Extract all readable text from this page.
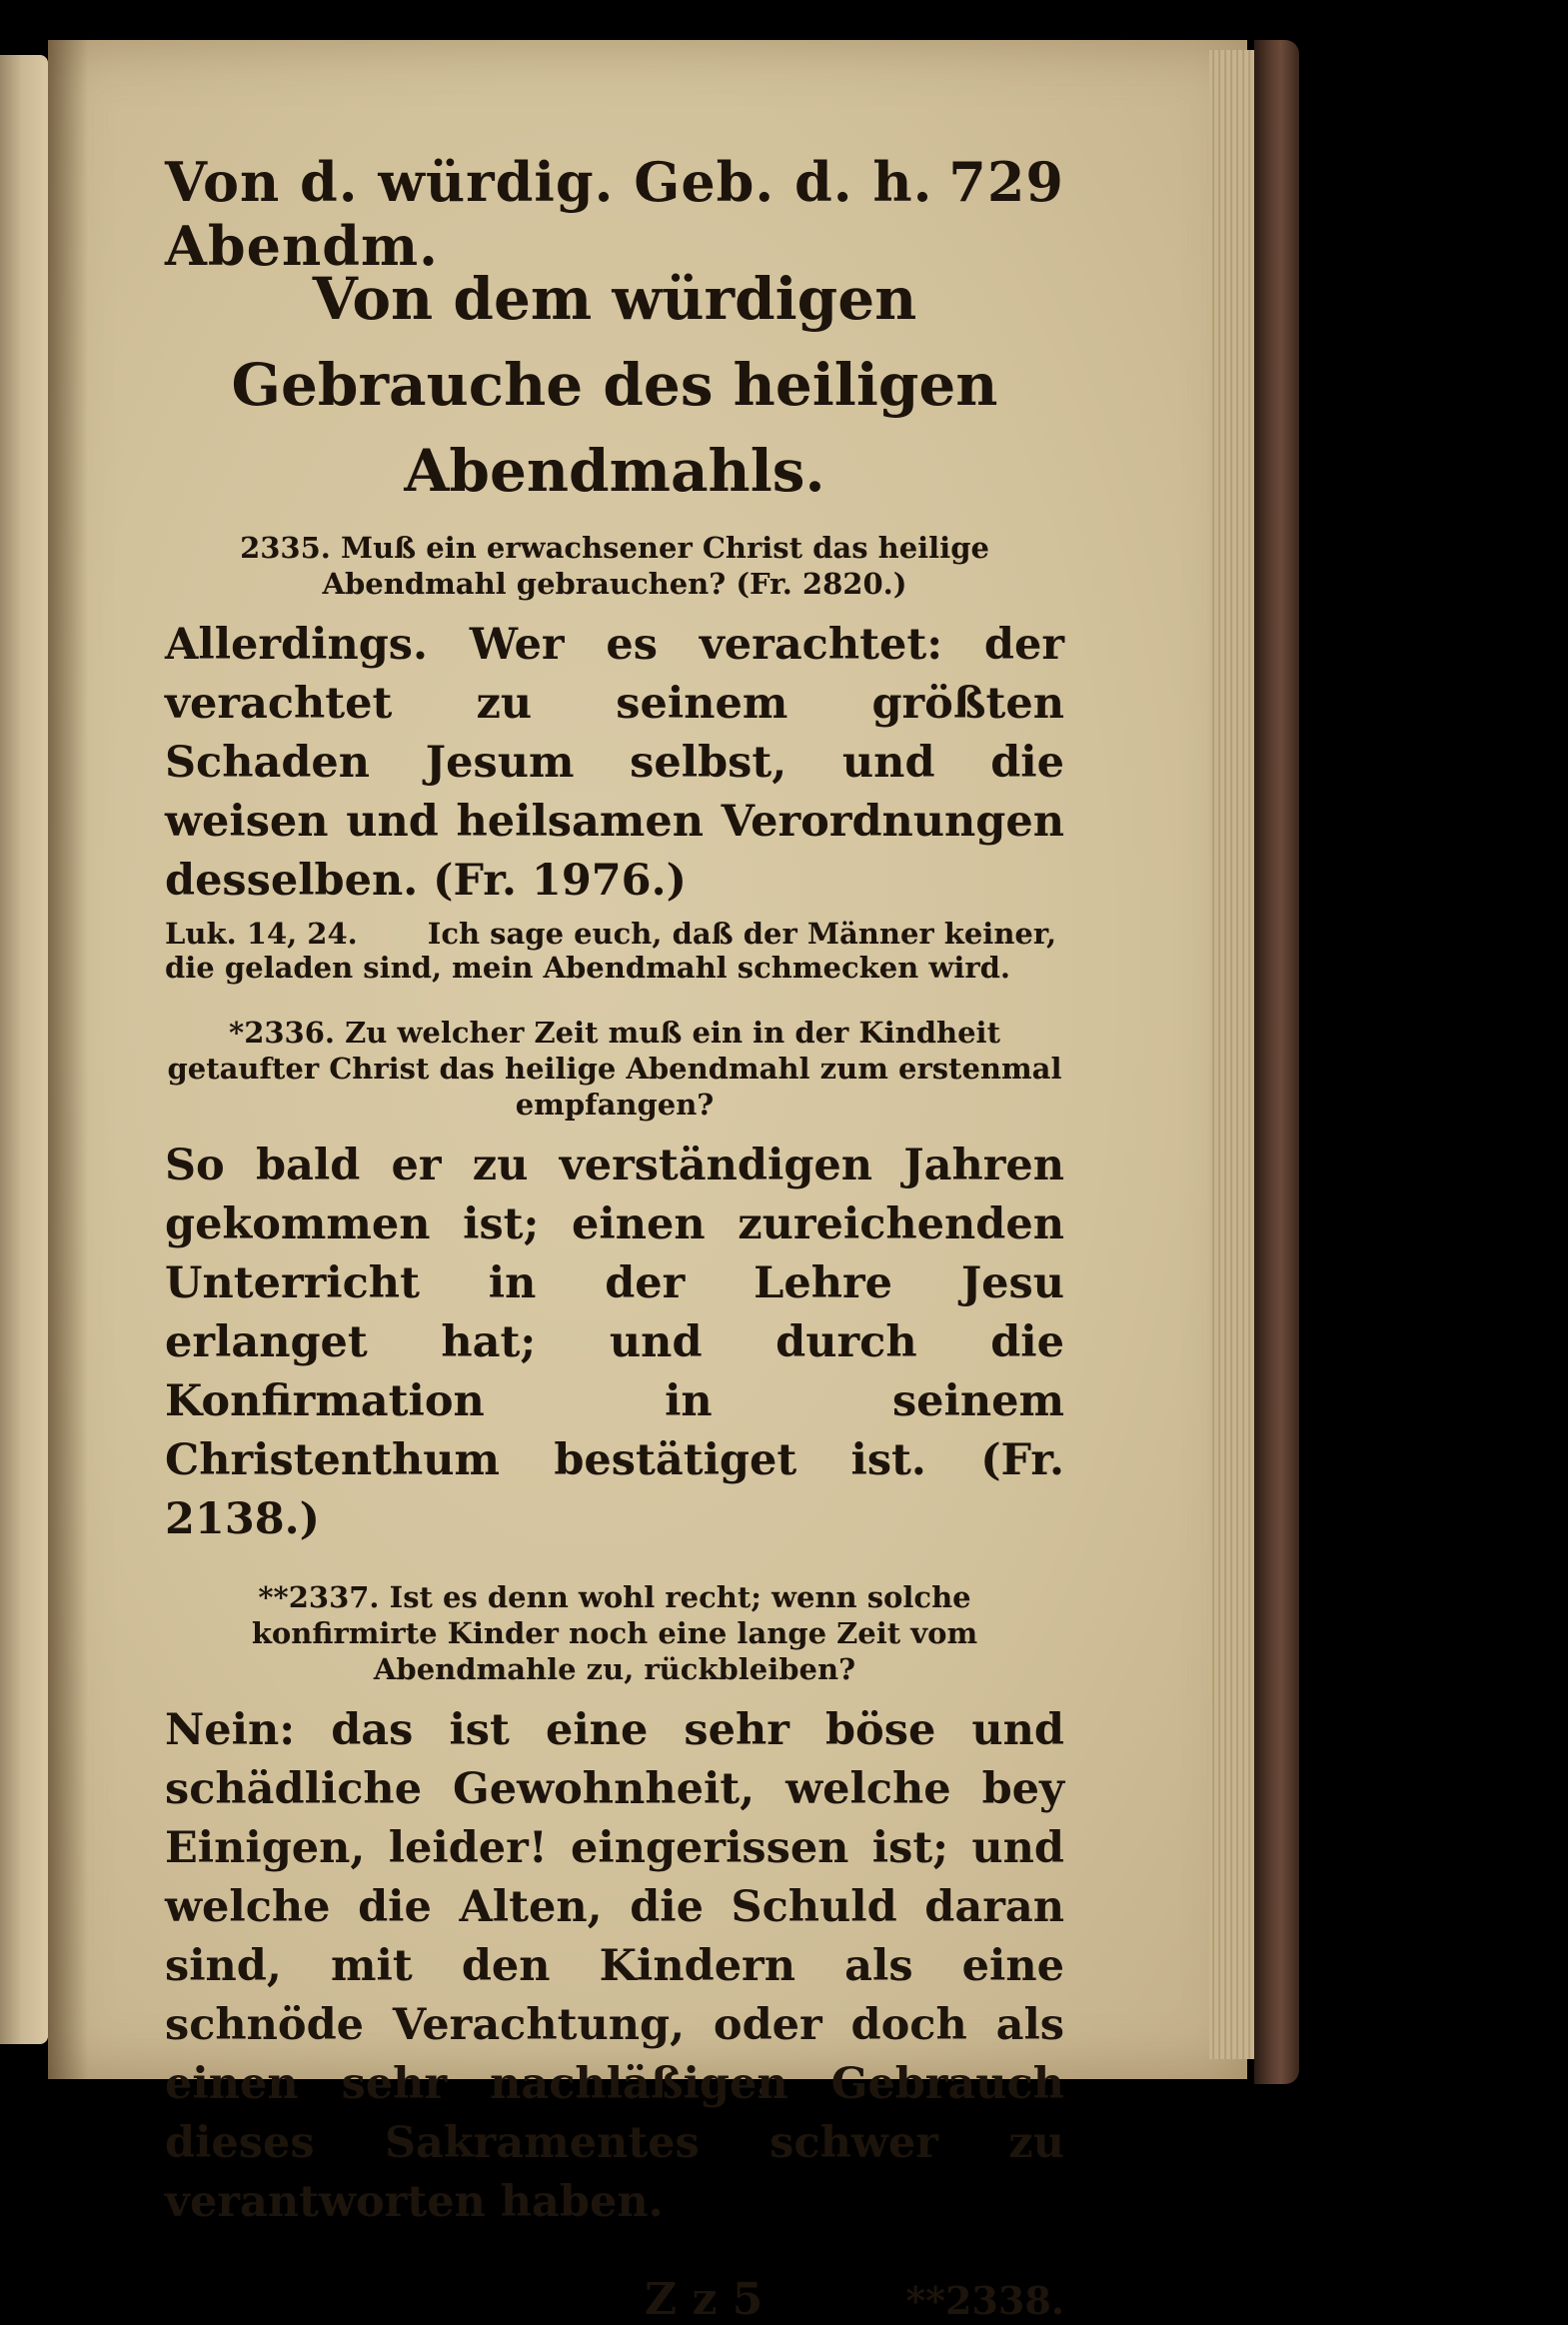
Von d. würdig. Geb. d. h. Abendm.
729
Von dem würdigen Gebrauche des heiligen Abendmahls.
2335. Muß ein erwachsener Christ das heilige Abendmahl gebrauchen? (Fr. 2820.)
Allerdings. Wer es verachtet: der verachtet zu seinem größten Schaden Jesum selbst, und die weisen und heilsamen Verordnungen desselben. (Fr. 1976.)
Luk. 14, 24. Ich sage euch, daß der Männer keiner, die geladen sind, mein Abendmahl schmecken wird.
*2336. Zu welcher Zeit muß ein in der Kindheit getaufter Christ das heilige Abendmahl zum erstenmal empfangen?
So bald er zu verständigen Jahren gekommen ist; einen zureichenden Unterricht in der Lehre Jesu erlanget hat; und durch die Konfirmation in seinem Christenthum bestätiget ist. (Fr. 2138.)
**2337. Ist es denn wohl recht; wenn solche konfirmirte Kinder noch eine lange Zeit vom Abendmahle zu, rückbleiben?
Nein: das ist eine sehr böse und schädliche Gewohnheit, welche bey Einigen, leider! eingerissen ist; und welche die Alten, die Schuld daran sind, mit den Kindern als eine schnöde Verachtung, oder doch als einen sehr nachläßigen Gebrauch dieses Sakramentes schwer zu verantworten haben.
Z z 5	**2338.
